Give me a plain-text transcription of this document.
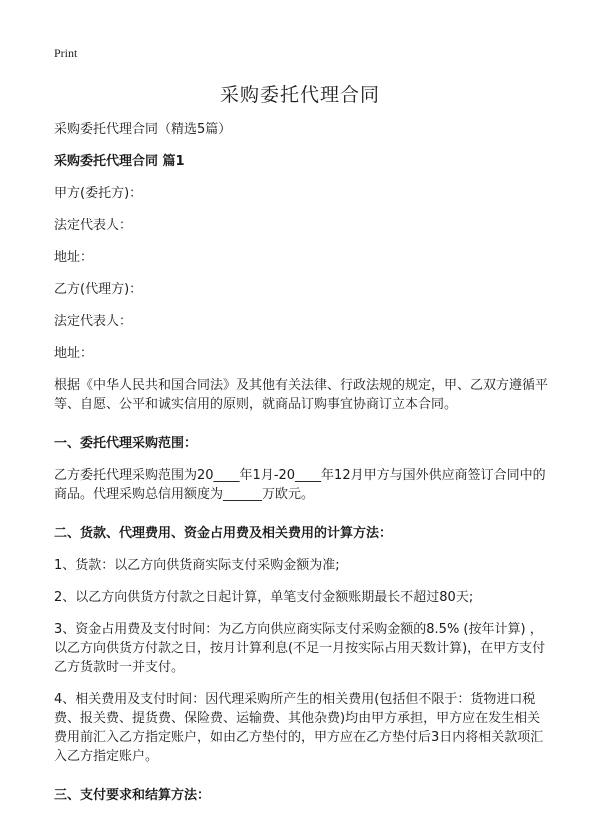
Print
采购委托代理合同

采购委托代理合同（精选5篇）

采购委托代理合同 篇1

甲方(委托方)：

法定代表人：

地址：

乙方(代理方)：

法定代表人：

地址：

根据《中华人民共和国合同法》及其他有关法律、行政法规的规定，甲、乙双方遵循平等、自愿、公平和诚实信用的原则，就商品订购事宜协商订立本合同。

一、委托代理采购范围：

乙方委托代理采购范围为20____年1月-20____年12月甲方与国外供应商签订合同中的商品。代理采购总信用额度为______万欧元。

二、货款、代理费用、资金占用费及相关费用的计算方法：

1、货款：以乙方向供货商实际支付采购金额为准;

2、以乙方向供货方付款之日起计算，单笔支付金额账期最长不超过80天;

3、资金占用费及支付时间：为乙方向供应商实际支付采购金额的8.5% (按年计算) ，以乙方向供货方付款之日，按月计算利息(不足一月按实际占用天数计算)，在甲方支付乙方货款时一并支付。

4、相关费用及支付时间：因代理采购所产生的相关费用(包括但不限于：货物进口税费、报关费、提货费、保险费、运输费、其他杂费)均由甲方承担，甲方应在发生相关费用前汇入乙方指定账户，如由乙方垫付的，甲方应在乙方垫付后3日内将相关款项汇入乙方指定账户。

三、支付要求和结算方法：
